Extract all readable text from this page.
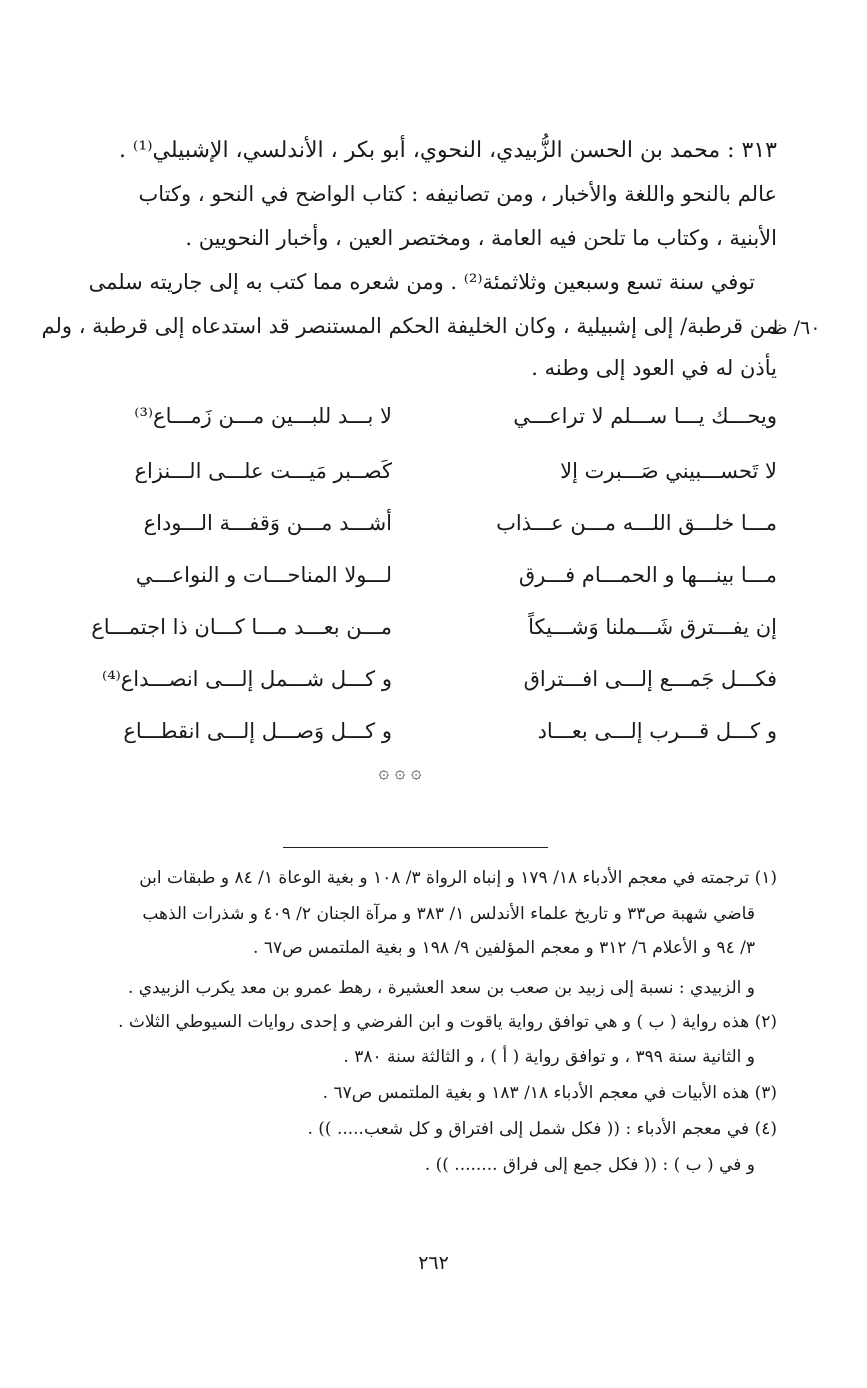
٣١٣ : محمد بن الحسن الزُّبيدي، النحوي، أبو بكر ، الأندلسي، الإشبيلي⁽¹⁾ .
عالم بالنحو واللغة والأخبار ، ومن تصانيفه : كتاب الواضح في النحو ، وكتاب
الأبنية ، وكتاب ما تلحن فيه العامة ، ومختصر العين ، وأخبار النحويين .
توفي سنة تسع وسبعين وثلاثمئة⁽²⁾ . ومن شعره مما كتب به إلى جاريته سلمى
من قرطبة/ إلى إشبيلية ، وكان الخليفة الحكم المستنصر قد استدعاه إلى قرطبة ، ولم
يأذن له في العود إلى وطنه .
٦٠/ ظ
ويحـــك يـــا ســـلم لا تراعـــي
لا بـــد للبـــين مـــن زَمـــاع⁽³⁾
لا تَحســـبيني صَـــبرت إلا
كَصــبر مَيـــت علـــى الـــنزاع
مـــا خلـــق اللـــه مـــن عـــذاب
أشـــد مـــن وَقفـــة الـــوداع
مـــا بينـــها و الحمـــام فـــرق
لـــولا المناحـــات و النواعـــي
إن يفـــترق شَـــملنا وَشـــيكاً
مـــن بعـــد مـــا كـــان ذا اجتمـــاع
فكـــل جَمـــع إلـــى افـــتراق
و كـــل شـــمل إلـــى انصـــداع⁽⁴⁾
و كـــل قـــرب إلـــى بعـــاد
و كـــل وَصـــل إلـــى انقطـــاع
۞ ۞ ۞
(١) ترجمته في معجم الأدباء ١٨/ ١٧٩ و إنباه الرواة ٣/ ١٠٨ و بغية الوعاة ١/ ٨٤ و طبقات ابن
قاضي شهبة ص٣٣ و تاريخ علماء الأندلس ١/ ٣٨٣ و مرآة الجنان ٢/ ٤٠٩ و شذرات الذهب
٣/ ٩٤ و الأعلام ٦/ ٣١٢ و معجم المؤلفين ٩/ ١٩٨ و بغية الملتمس ص٦٧ .
و الزبيدي : نسبة إلى زبيد بن صعب بن سعد العشيرة ، رهط عمرو بن معد يكرب الزبيدي .
(٢) هذه رواية ( ب ) و هي توافق رواية ياقوت و ابن الفرضي و إحدى روايات السيوطي الثلاث .
و الثانية سنة ٣٩٩ ، و توافق رواية ( أ ) ، و الثالثة سنة ٣٨٠ .
(٣) هذه الأبيات في معجم الأدباء ١٨/ ١٨٣ و بغية الملتمس ص٦٧ .
(٤) في معجم الأدباء : (( فكل شمل إلى افتراق و كل شعب..... )) .
و في ( ب ) : (( فكل جمع إلى فراق ........ )) .
٢٦٢
